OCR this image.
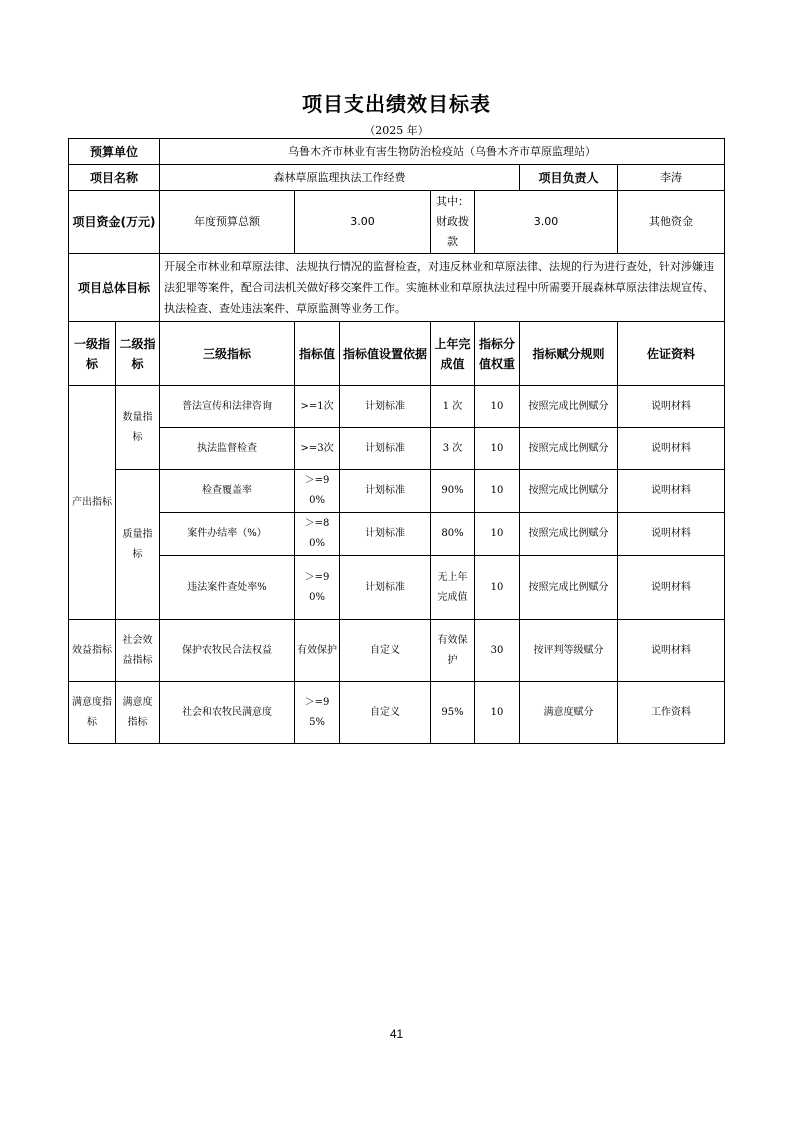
项目支出绩效目标表
（2025 年）
预算单位		乌鲁木齐市林业有害生物防治检疫站（乌鲁木齐市草原监理站）							
项目名称		森林草原监理执法工作经费					项目负责人	李涛	
项目资金(万元)		年度预算总额	3.00		其中：财政拨款	3.00		其他资金	
项目总体目标		开展全市林业和草原法律、法规执行情况的监督检查，对违反林业和草原法律、法规的行为进行查处，针对涉嫌违法犯罪等案件，配合司法机关做好移交案件工作。实施林业和草原执法过程中所需要开展森林草原法律法规宣传、执法检查、查处违法案件、草原监测等业务工作。							
一级指标	二级指标	三级指标	指标值	指标值设置依据	上年完成值	指标分值权重	指标赋分规则	佐证资料	
产出指标	数量指标	普法宣传和法律咨询	>=1次	计划标准	1 次	10	按照完成比例赋分	说明材料	
		执法监督检查	>=3次	计划标准	3 次	10	按照完成比例赋分	说明材料	
	质量指标	检查覆盖率	＞=90%	计划标准	90%	10	按照完成比例赋分	说明材料	
		案件办结率（%）	＞=80%	计划标准	80%	10	按照完成比例赋分	说明材料	
		违法案件查处率%	＞=90%	计划标准	无上年完成值	10	按照完成比例赋分	说明材料	
效益指标	社会效益指标	保护农牧民合法权益	有效保护	自定义	有效保护	30	按评判等级赋分	说明材料	
满意度指标	满意度指标	社会和农牧民满意度	＞=95%	自定义	95%	10	满意度赋分	工作资料	
41
